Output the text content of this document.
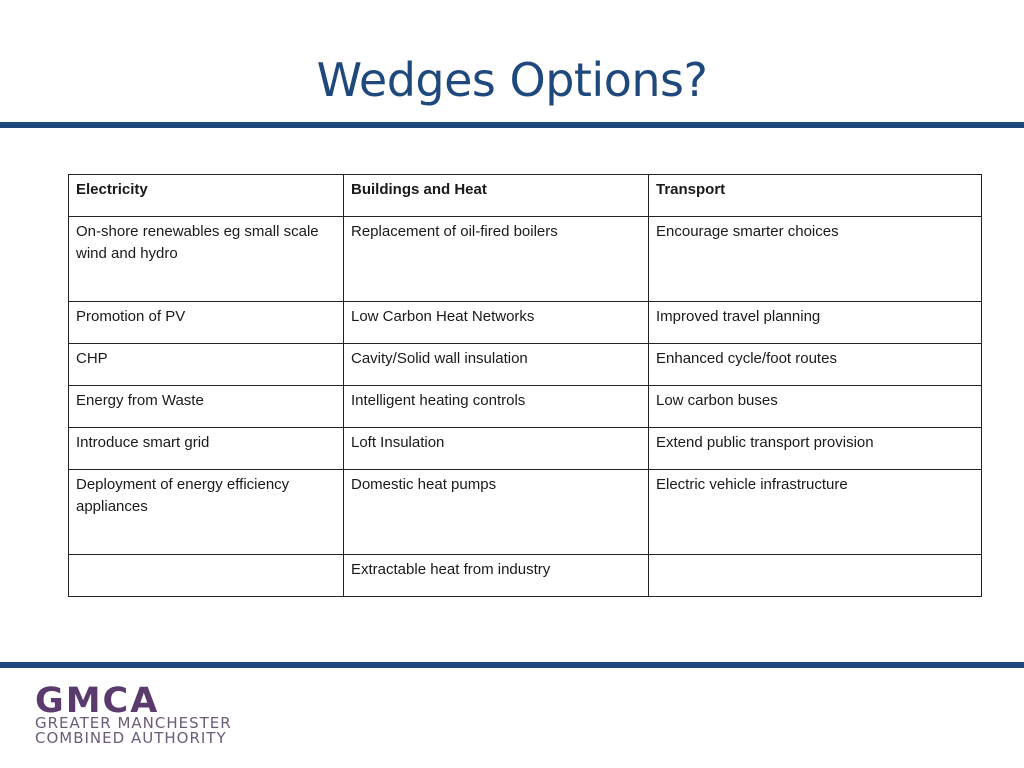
Wedges Options?
Electricity	Buildings and Heat	Transport
On-shore renewables eg small scale wind and hydro	Replacement of oil-fired boilers	Encourage smarter choices
Promotion of PV	Low Carbon Heat Networks	Improved travel planning
CHP	Cavity/Solid wall insulation	Enhanced cycle/foot routes
Energy from Waste	Intelligent heating controls	Low carbon buses
Introduce smart grid	Loft Insulation	Extend public transport provision
Deployment of energy efficiency appliances	Domestic heat pumps	Electric vehicle infrastructure
	Extractable heat from industry	
GMCA
GREATER MANCHESTER
COMBINED AUTHORITY
